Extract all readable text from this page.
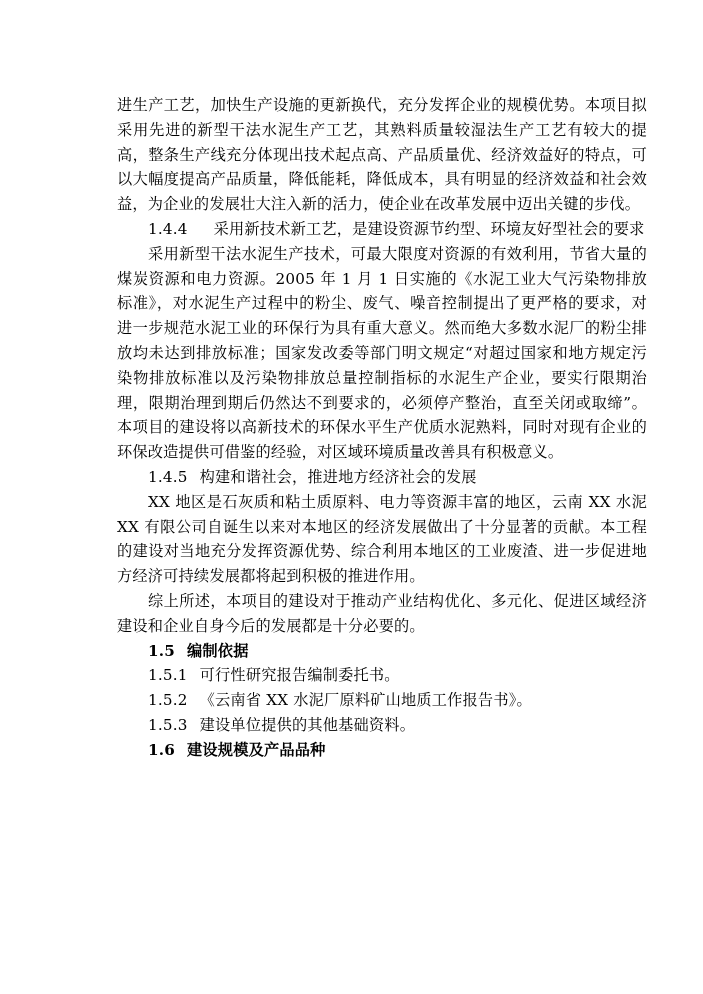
进生产工艺，加快生产设施的更新换代，充分发挥企业的规模优势。本项目拟采用先进的新型干法水泥生产工艺，其熟料质量较湿法生产工艺有较大的提高，整条生产线充分体现出技术起点高、产品质量优、经济效益好的特点，可以大幅度提高产品质量，降低能耗，降低成本，具有明显的经济效益和社会效益，为企业的发展壮大注入新的活力，使企业在改革发展中迈出关键的步伐。

1.4.4 采用新技术新工艺，是建设资源节约型、环境友好型社会的要求

采用新型干法水泥生产技术，可最大限度对资源的有效利用，节省大量的煤炭资源和电力资源。2005 年 1 月 1 日实施的《水泥工业大气污染物排放标准》，对水泥生产过程中的粉尘、废气、噪音控制提出了更严格的要求，对进一步规范水泥工业的环保行为具有重大意义。然而绝大多数水泥厂的粉尘排放均未达到排放标准；国家发改委等部门明文规定“对超过国家和地方规定污染物排放标准以及污染物排放总量控制指标的水泥生产企业，要实行限期治理，限期治理到期后仍然达不到要求的，必须停产整治，直至关闭或取缔”。本项目的建设将以高新技术的环保水平生产优质水泥熟料，同时对现有企业的环保改造提供可借鉴的经验，对区域环境质量改善具有积极意义。

1.4.5 构建和谐社会，推进地方经济社会的发展

XX 地区是石灰质和粘土质原料、电力等资源丰富的地区，云南 XX 水泥 XX 有限公司自诞生以来对本地区的经济发展做出了十分显著的贡献。本工程的建设对当地充分发挥资源优势、综合利用本地区的工业废渣、进一步促进地方经济可持续发展都将起到积极的推进作用。

综上所述，本项目的建设对于推动产业结构优化、多元化、促进区域经济建设和企业自身今后的发展都是十分必要的。

1.5 编制依据

1.5.1 可行性研究报告编制委托书。

1.5.2 《云南省 XX 水泥厂原料矿山地质工作报告书》。

1.5.3 建设单位提供的其他基础资料。

1.6 建设规模及产品品种
